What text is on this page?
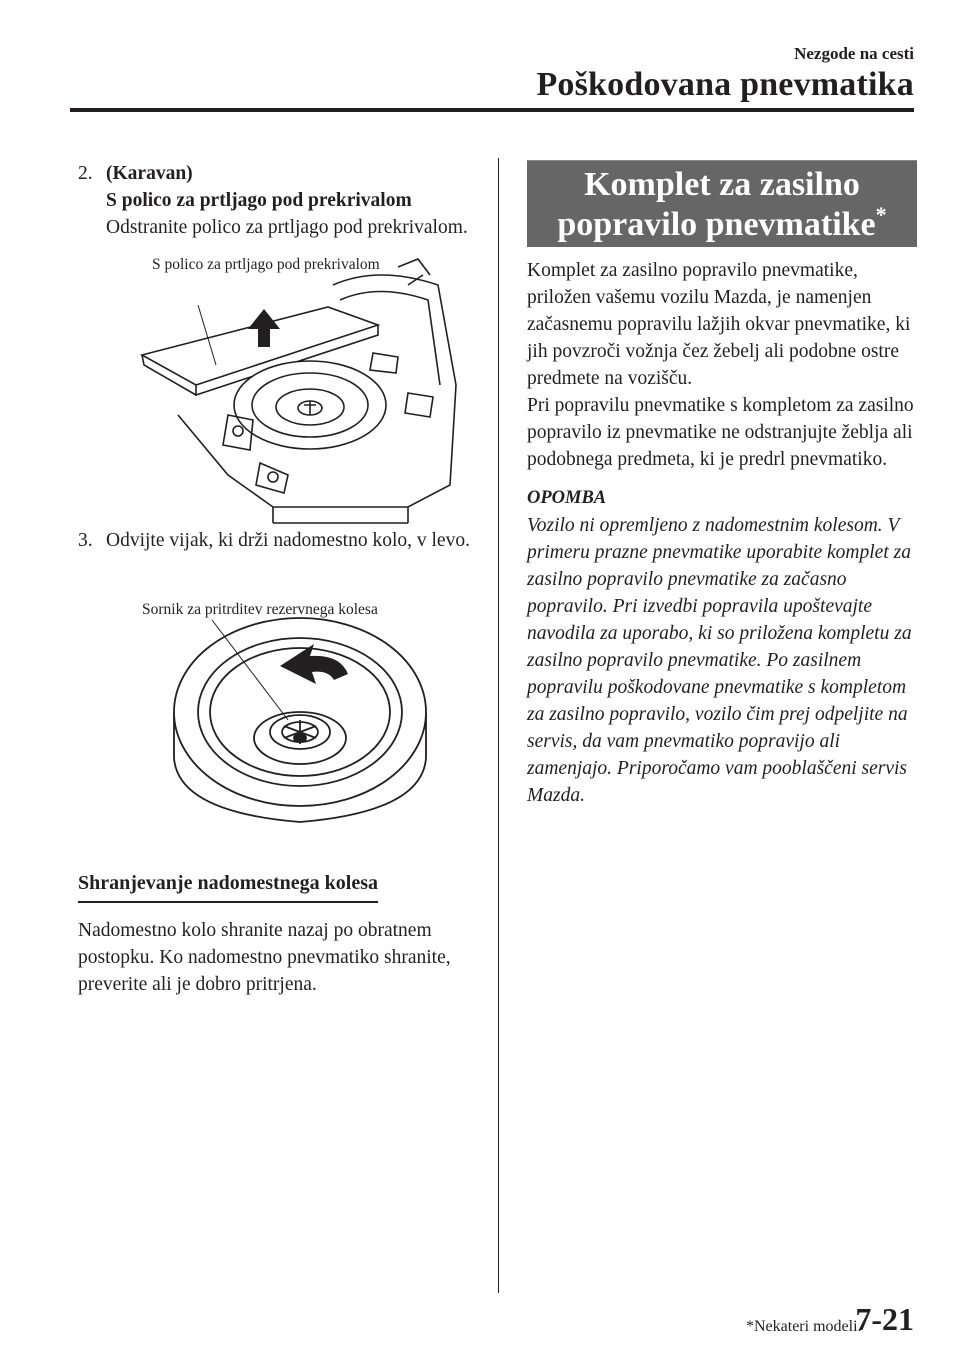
Nezgode na cesti
Poškodovana pnevmatika
2. (Karavan)
S polico za prtljago pod prekrivalom
Odstranite polico za prtljago pod prekrivalom.
S polico za prtljago pod prekrivalom
3. Odvijte vijak, ki drži nadomestno kolo, v levo.
Sornik za pritrditev rezervnega kolesa
Shranjevanje nadomestnega kolesa
Nadomestno kolo shranite nazaj po obratnem postopku. Ko nadomestno pnevmatiko shranite, preverite ali je dobro pritrjena.
Komplet za zasilno
popravilo pnevmatike*
Komplet za zasilno popravilo pnevmatike, priložen vašemu vozilu Mazda, je namenjen začasnemu popravilu lažjih okvar pnevmatike, ki jih povzroči vožnja čez žebelj ali podobne ostre predmete na vozišču.
Pri popravilu pnevmatike s kompletom za zasilno popravilo iz pnevmatike ne odstranjujte žeblja ali podobnega predmeta, ki je predrl pnevmatiko.
OPOMBA
Vozilo ni opremljeno z nadomestnim kolesom. V primeru prazne pnevmatike uporabite komplet za zasilno popravilo pnevmatike za začasno popravilo. Pri izvedbi popravila upoštevajte navodila za uporabo, ki so priložena kompletu za zasilno popravilo pnevmatike. Po zasilnem popravilu poškodovane pnevmatike s kompletom za zasilno popravilo, vozilo čim prej odpeljite na servis, da vam pnevmatiko popravijo ali zamenjajo. Priporočamo vam pooblaščeni servis Mazda.
*Nekateri modeli.
7-21
